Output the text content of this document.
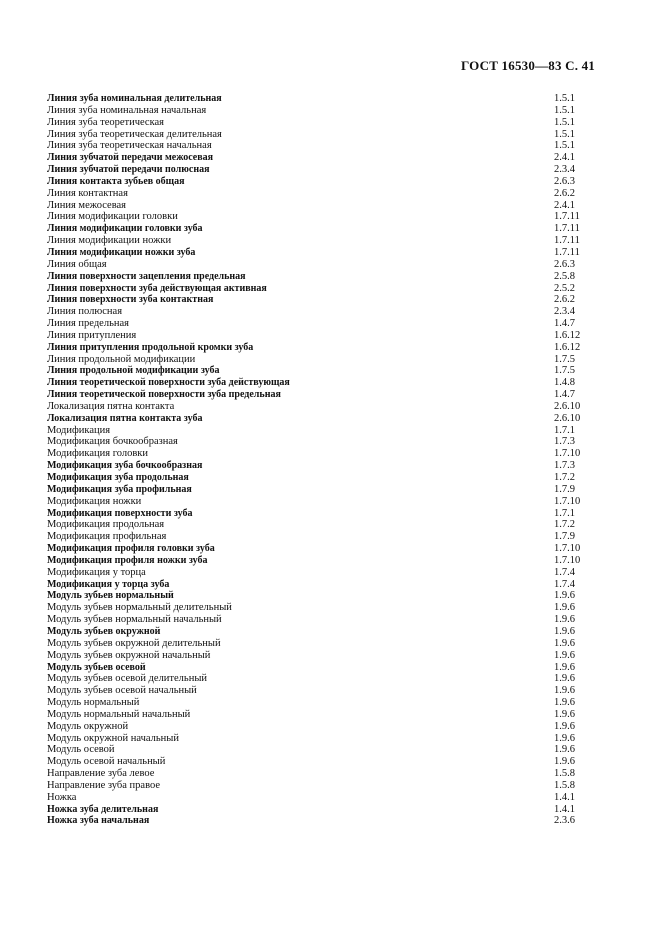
ГОСТ 16530—83 С. 41
Линия зуба номинальная делительная	1.5.1
Линия зуба номинальная начальная	1.5.1
Линия зуба теоретическая	1.5.1
Линия зуба теоретическая делительная	1.5.1
Линия зуба теоретическая начальная	1.5.1
Линия зубчатой передачи межосевая	2.4.1
Линия зубчатой передачи полюсная	2.3.4
Линия контакта зубьев общая	2.6.3
Линия контактная	2.6.2
Линия межосевая	2.4.1
Линия модификации головки	1.7.11
Линия модификации головки зуба	1.7.11
Линия модификации ножки	1.7.11
Линия модификации ножки зуба	1.7.11
Линия общая	2.6.3
Линия поверхности зацепления предельная	2.5.8
Линия поверхности зуба действующая активная	2.5.2
Линия поверхности зуба контактная	2.6.2
Линия полюсная	2.3.4
Линия предельная	1.4.7
Линия притупления	1.6.12
Линия притупления продольной кромки зуба	1.6.12
Линия продольной модификации	1.7.5
Линия продольной модификации зуба	1.7.5
Линия теоретической поверхности зуба действующая	1.4.8
Линия теоретической поверхности зуба предельная	1.4.7
Локализация пятна контакта	2.6.10
Локализация пятна контакта зуба	2.6.10
Модификация	1.7.1
Модификация бочкообразная	1.7.3
Модификация головки	1.7.10
Модификация зуба бочкообразная	1.7.3
Модификация зуба продольная	1.7.2
Модификация зуба профильная	1.7.9
Модификация ножки	1.7.10
Модификация поверхности зуба	1.7.1
Модификация продольная	1.7.2
Модификация профильная	1.7.9
Модификация профиля головки зуба	1.7.10
Модификация профиля ножки зуба	1.7.10
Модификация у торца	1.7.4
Модификация у торца зуба	1.7.4
Модуль зубьев нормальный	1.9.6
Модуль зубьев нормальный делительный	1.9.6
Модуль зубьев нормальный начальный	1.9.6
Модуль зубьев окружной	1.9.6
Модуль зубьев окружной делительный	1.9.6
Модуль зубьев окружной начальный	1.9.6
Модуль зубьев осевой	1.9.6
Модуль зубьев осевой делительный	1.9.6
Модуль зубьев осевой начальный	1.9.6
Модуль нормальный	1.9.6
Модуль нормальный начальный	1.9.6
Модуль окружной	1.9.6
Модуль окружной начальный	1.9.6
Модуль осевой	1.9.6
Модуль осевой начальный	1.9.6
Направление зуба левое	1.5.8
Направление зуба правое	1.5.8
Ножка	1.4.1
Ножка зуба делительная	1.4.1
Ножка зуба начальная	2.3.6
